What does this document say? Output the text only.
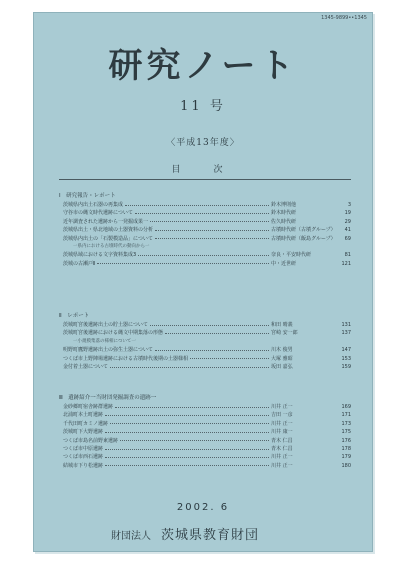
1345-9899••1345
研究ノート
11 号
〈平成13年度〉
目　次
Ⅰ　研究報告・レポート
茨城県内出土石器の再集成	鈴木博則他	3
守谷市の縄文時代遺跡について	鈴木時代研	19
近年調査された遺跡から一発掘成果一	佐久時代研	29
茨城県出土・県北地域の土器資料の分析	古墳時代研（古墳グループ）	41
茨城県内出土の「石製模造品」について	古墳時代研（飯島グループ）	69
一県内における古墳時代の動向から一
茨城県域における文字資料集成3	奈良・平安時代研	81
茨城の古瀬戸Ⅱ	中・近世研	121
Ⅱ　レポート
茨城町宮後遺跡出土の貯土器について	和田 晴義	131
茨城町宮後遺跡における縄文中期集落の形態	宮崎 安一郎	137
一小規模集落の様相について一
明野町鷹野遺跡出土の弥生土器について	川木 俊男	147
つくば市上野陣場遺跡における古墳時代後期の土器様相	大塚 雅昭	153
金付着土器について	坂田 嘉弘	159
Ⅲ　遺跡紹介一当財団発掘調査の遺跡一
金砂郷町宿舎跡群遺跡	川井 正一	169
北浦町本土町遺跡	吉田 一彦	171
千代田町カミノ遺跡	川井 正一	173
茨城町下大野遺跡	川井 康一	175
つくば市島名前野東遺跡	青木 仁昌	176
つくば市中原遺跡	青木 仁昌	178
つくば市西石遺跡	川井 正一	179
結城市下り松遺跡	川井 正一	180
2002. 6
財団法人 茨城県教育財団
